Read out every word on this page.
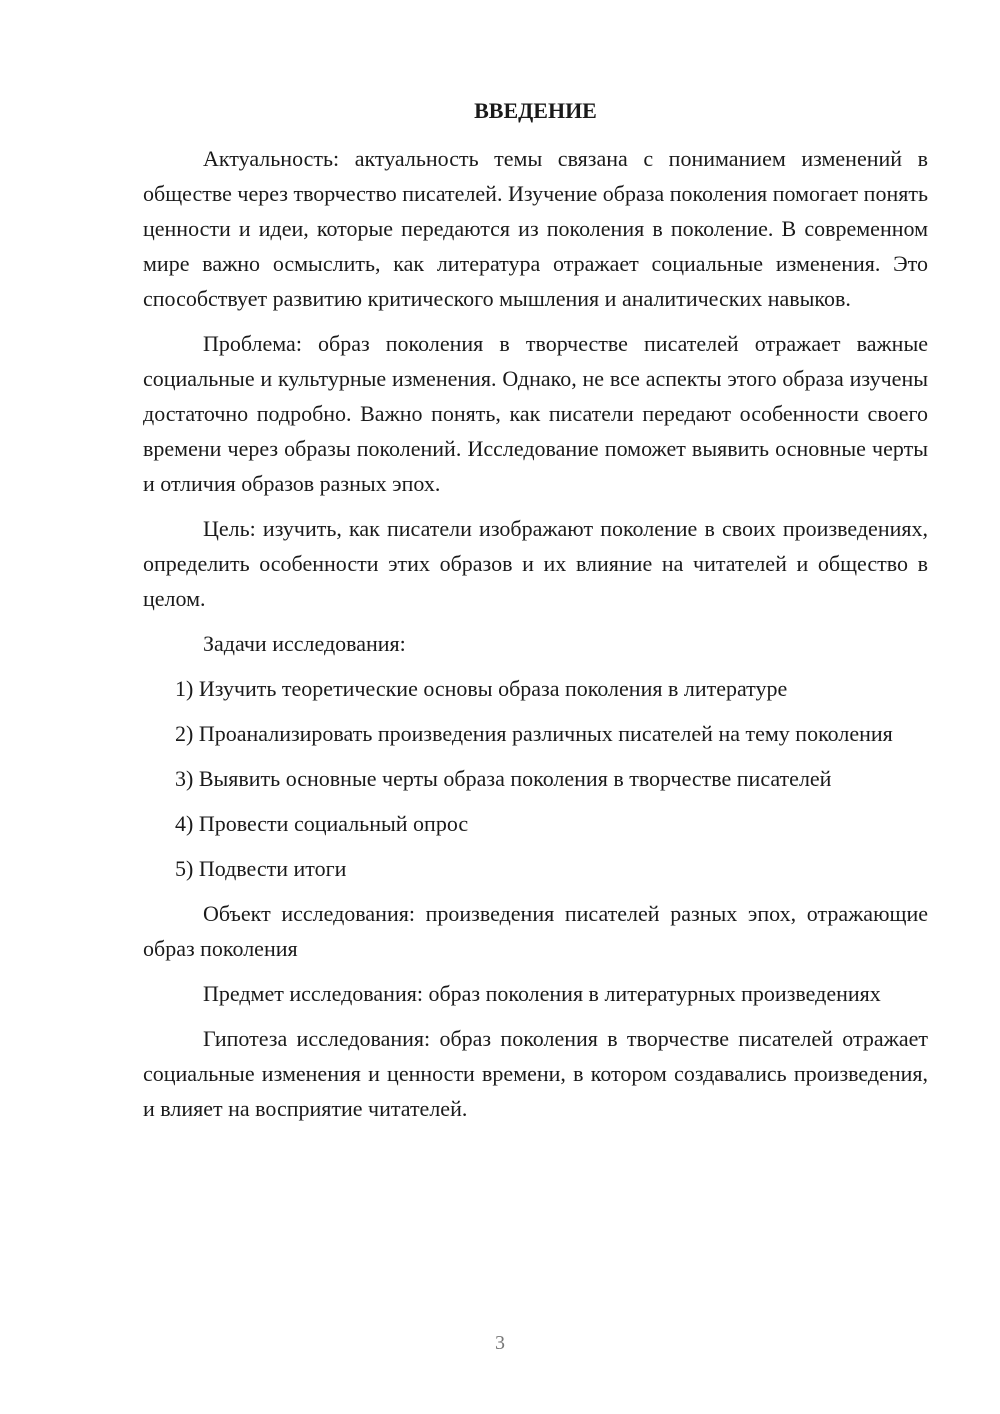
ВВЕДЕНИЕ

Актуальность: актуальность темы связана с пониманием изменений в обществе через творчество писателей. Изучение образа поколения помогает понять ценности и идеи, которые передаются из поколения в поколение. В современном мире важно осмыслить, как литература отражает социальные изменения. Это способствует развитию критического мышления и аналитических навыков.

Проблема: образ поколения в творчестве писателей отражает важные социальные и культурные изменения. Однако, не все аспекты этого образа изучены достаточно подробно. Важно понять, как писатели передают особенности своего времени через образы поколений. Исследование поможет выявить основные черты и отличия образов разных эпох.

Цель: изучить, как писатели изображают поколение в своих произведениях, определить особенности этих образов и их влияние на читателей и общество в целом.

Задачи исследования:

1) Изучить теоретические основы образа поколения в литературе

2) Проанализировать произведения различных писателей на тему поколения

3) Выявить основные черты образа поколения в творчестве писателей

4) Провести социальный опрос

5) Подвести итоги

Объект исследования: произведения писателей разных эпох, отражающие образ поколения

Предмет исследования: образ поколения в литературных произведениях

Гипотеза исследования: образ поколения в творчестве писателей отражает социальные изменения и ценности времени, в котором создавались произведения, и влияет на восприятие читателей.

3
